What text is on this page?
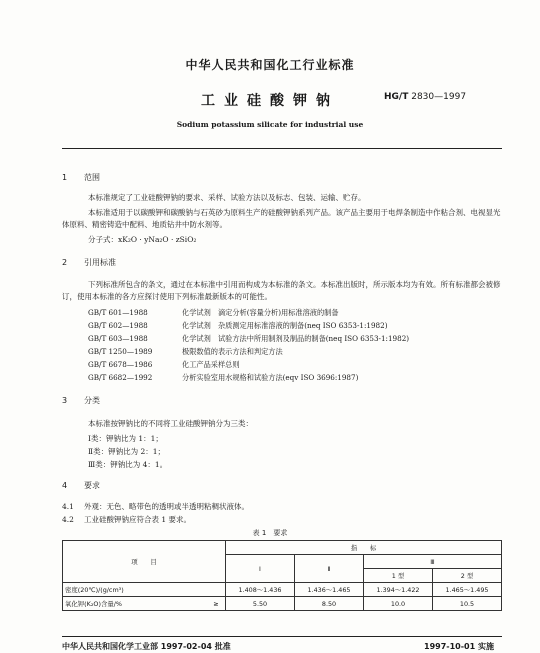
中华人民共和国化工行业标准
工业硅酸钾钠	HG/T 2830—1997
Sodium potassium silicate for industrial use
1 范围
本标准规定了工业硅酸钾钠的要求、采样、试验方法以及标志、包装、运输、贮存。
本标准适用于以碳酸钾和碳酸钠与石英砂为原料生产的硅酸钾钠系列产品。该产品主要用于电焊条制造中作粘合剂、电视显光体原料、精密铸造中配料、地质钻井中防水剂等。
分子式：xK₂O · yNa₂O · zSiO₂
2 引用标准
下列标准所包含的条文，通过在本标准中引用而构成为本标准的条文。本标准出版时，所示版本均为有效。所有标准都会被修订，使用本标准的各方应探讨使用下列标准最新版本的可能性。
GB/T 601—1988	化学试剂　滴定分析(容量分析)用标准溶液的制备
GB/T 602—1988	化学试剂　杂质测定用标准溶液的制备(neq ISO 6353-1:1982)
GB/T 603—1988	化学试剂　试验方法中所用制剂及制品的制备(neq ISO 6353-1:1982)
GB/T 1250—1989	极限数值的表示方法和判定方法
GB/T 6678—1986	化工产品采样总则
GB/T 6682—1992	分析实验室用水规格和试验方法(eqv ISO 3696:1987)
3 分类
本标准按钾钠比的不同将工业硅酸钾钠分为三类：
Ⅰ类：钾钠比为 1：1；
Ⅱ类：钾钠比为 2：1；
Ⅲ类：钾钠比为 4：1。
4 要求
4.1 外观：无色、略带色的透明或半透明粘稠状液体。
4.2 工业硅酸钾钠应符合表 1 要求。
表 1　要求
项　　目		指　　标			
		Ⅰ	Ⅱ	Ⅲ	
				1 型	2 型
密度(20℃)/(g/cm³)		1.408～1.436	1.436～1.465	1.394～1.422	1.465～1.495
氧化钾(K₂O)含量/%	≥	5.50	8.50	10.0	10.5
中华人民共和国化学工业部 1997-02-04 批准	1997-10-01 实施
